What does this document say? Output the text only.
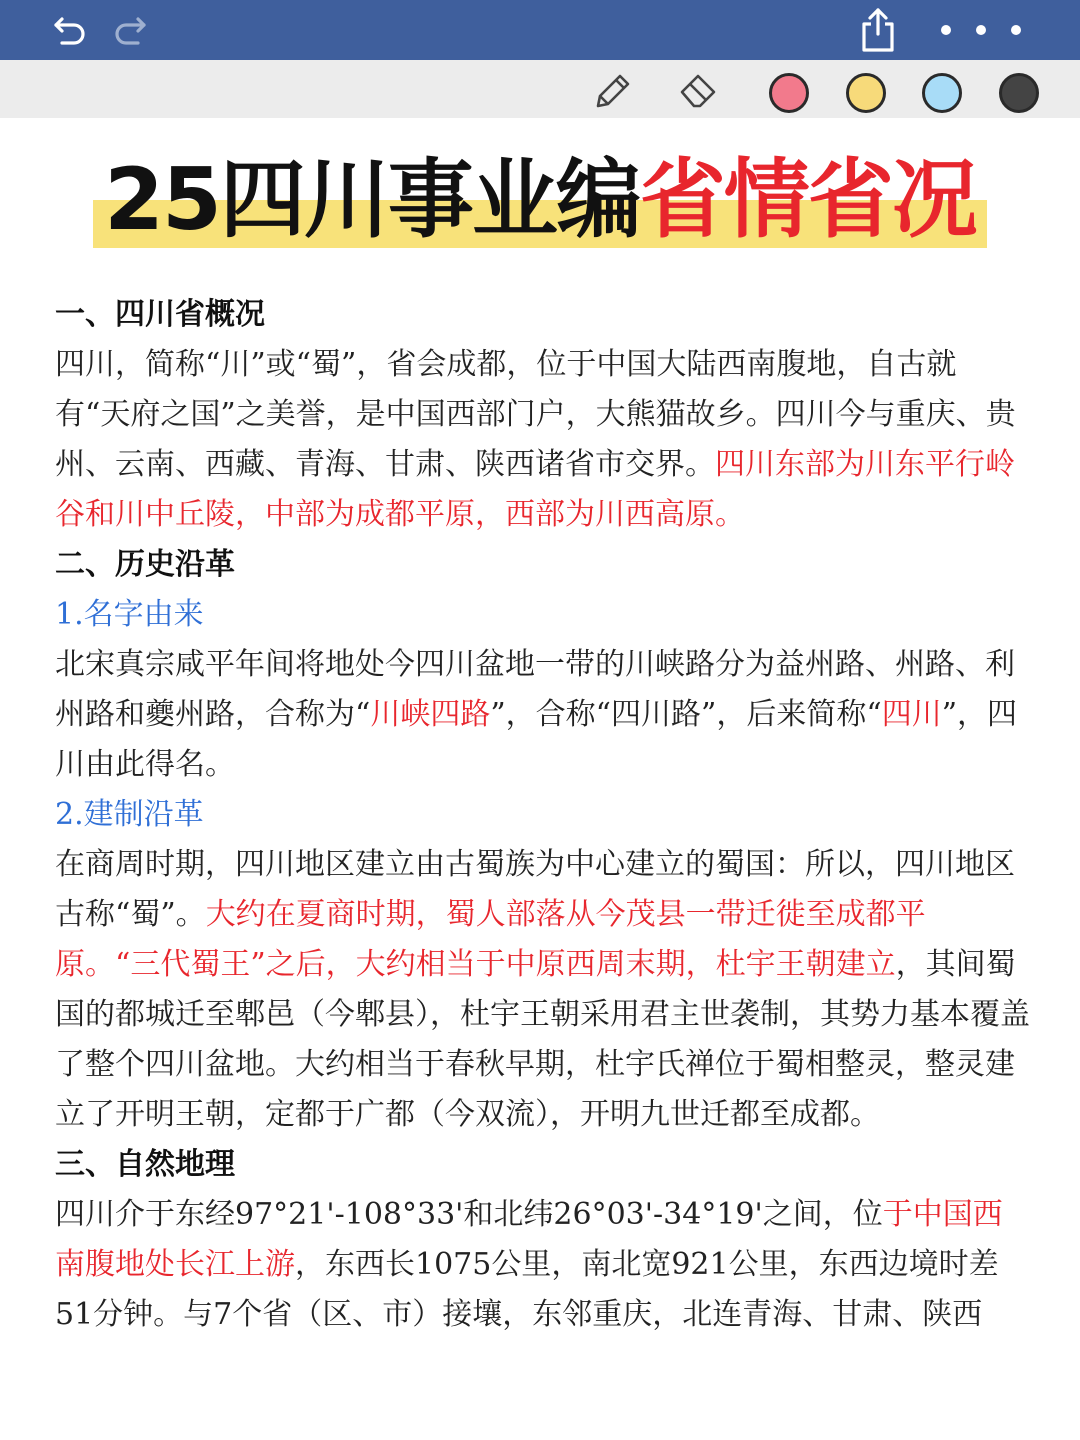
25四川事业编省情省况

一、四川省概况

四川，简称“川”或“蜀”，省会成都，位于中国大陆西南腹地，自古就有“天府之国”之美誉，是中国西部门户，大熊猫故乡。四川今与重庆、贵州、云南、西藏、青海、甘肃、陕西诸省市交界。四川东部为川东平行岭谷和川中丘陵，中部为成都平原，西部为川西高原。

二、历史沿革

1.名字由来

北宋真宗咸平年间将地处今四川盆地一带的川峡路分为益州路、州路、利州路和夔州路，合称为“川峡四路”，合称“四川路”，后来简称“四川”，四川由此得名。

2.建制沿革

在商周时期，四川地区建立由古蜀族为中心建立的蜀国：所以，四川地区古称“蜀”。大约在夏商时期，蜀人部落从今茂县一带迁徙至成都平原。“三代蜀王”之后，大约相当于中原西周末期，杜宇王朝建立，其间蜀国的都城迁至郫邑（今郫县），杜宇王朝采用君主世袭制，其势力基本覆盖了整个四川盆地。大约相当于春秋早期，杜宇氏禅位于蜀相整灵，整灵建立了开明王朝，定都于广都（今双流），开明九世迁都至成都。

三、自然地理

四川介于东经97°21'-108°33'和北纬26°03'-34°19'之间，位于中国西南腹地处长江上游，东西长1075公里，南北宽921公里，东西边境时差51分钟。与7个省（区、市）接壤，东邻重庆，北连青海、甘肃、陕西
